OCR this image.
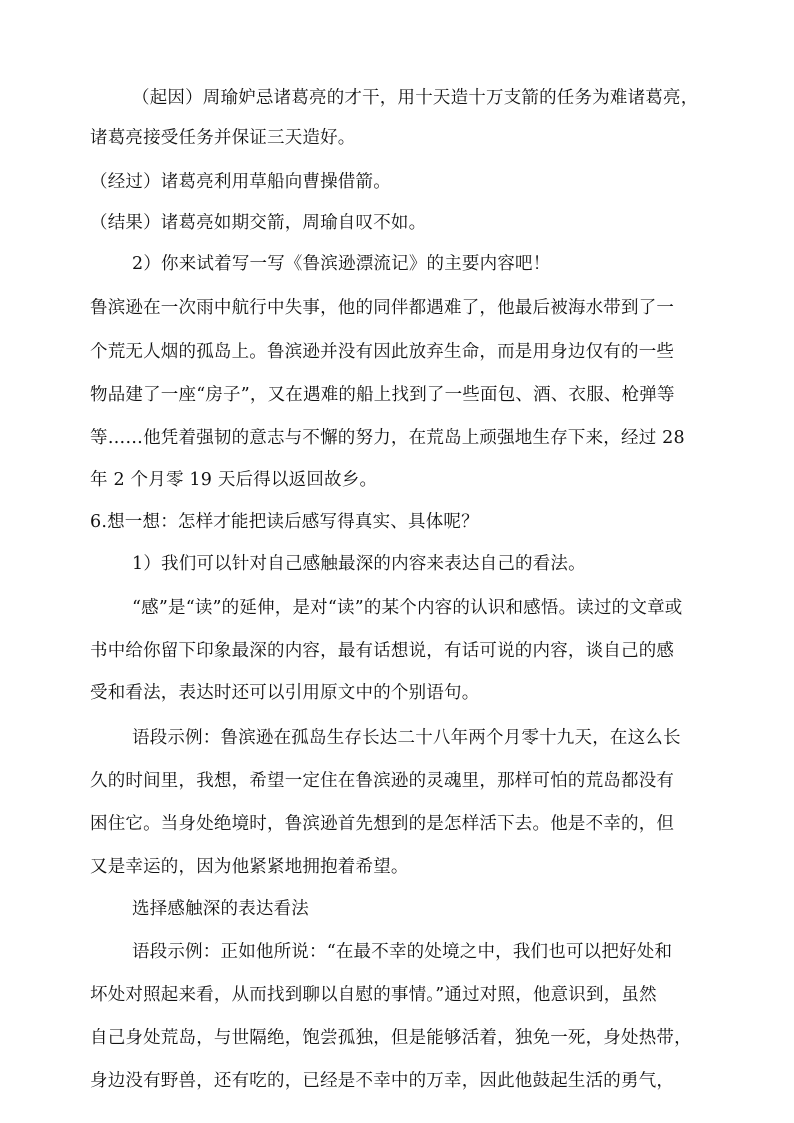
（起因）周瑜妒忌诸葛亮的才干，用十天造十万支箭的任务为难诸葛亮，
诸葛亮接受任务并保证三天造好。
（经过）诸葛亮利用草船向曹操借箭。
（结果）诸葛亮如期交箭，周瑜自叹不如。
2）你来试着写一写《鲁滨逊漂流记》的主要内容吧！
鲁滨逊在一次雨中航行中失事，他的同伴都遇难了，他最后被海水带到了一
个荒无人烟的孤岛上。鲁滨逊并没有因此放弃生命，而是用身边仅有的一些
物品建了一座“房子”，又在遇难的船上找到了一些面包、酒、衣服、枪弹等
等……他凭着强韧的意志与不懈的努力，在荒岛上顽强地生存下来，经过 28
年 2 个月零 19 天后得以返回故乡。
6.想一想：怎样才能把读后感写得真实、具体呢？
1）我们可以针对自己感触最深的内容来表达自己的看法。
“感”是“读”的延伸，是对“读”的某个内容的认识和感悟。读过的文章或
书中给你留下印象最深的内容，最有话想说，有话可说的内容，谈自己的感
受和看法，表达时还可以引用原文中的个别语句。
语段示例：鲁滨逊在孤岛生存长达二十八年两个月零十九天，在这么长
久的时间里，我想，希望一定住在鲁滨逊的灵魂里，那样可怕的荒岛都没有
困住它。当身处绝境时，鲁滨逊首先想到的是怎样活下去。他是不幸的，但
又是幸运的，因为他紧紧地拥抱着希望。
选择感触深的表达看法
语段示例：正如他所说：“在最不幸的处境之中，我们也可以把好处和
坏处对照起来看，从而找到聊以自慰的事情。”通过对照，他意识到，虽然
自己身处荒岛，与世隔绝，饱尝孤独，但是能够活着，独免一死，身处热带，
身边没有野兽，还有吃的，已经是不幸中的万幸，因此他鼓起生活的勇气，
